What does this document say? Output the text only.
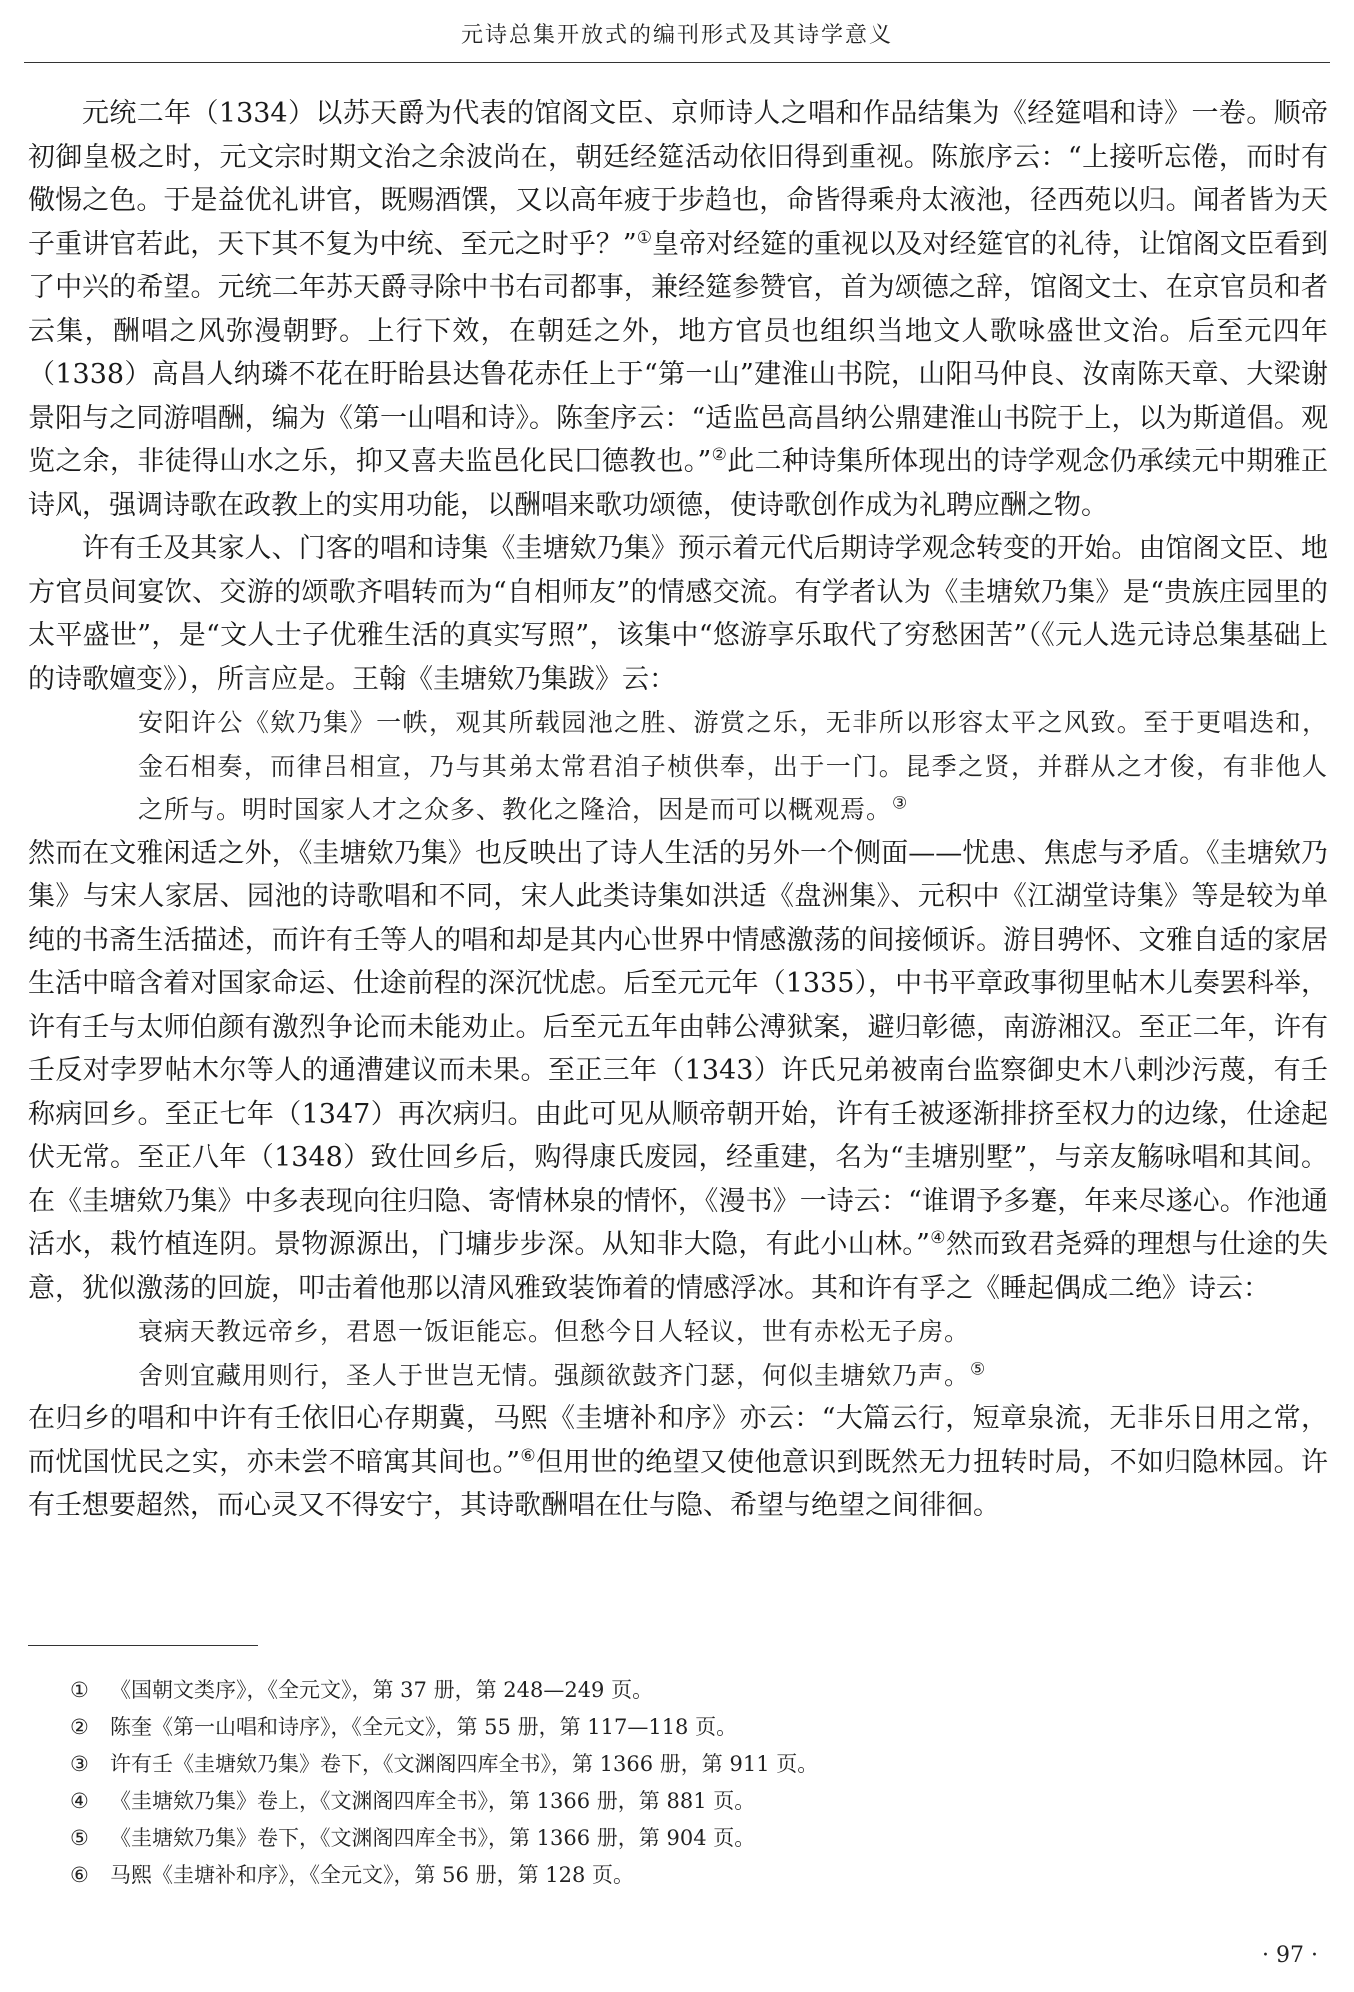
元诗总集开放式的编刊形式及其诗学意义

元统二年（1334）以苏天爵为代表的馆阁文臣、京师诗人之唱和作品结集为《经筵唱和诗》一卷。顺帝初御皇极之时，元文宗时期文治之余波尚在，朝廷经筵活动依旧得到重视。陈旅序云：“上接听忘倦，而时有儆惕之色。于是益优礼讲官，既赐酒馔，又以高年疲于步趋也，命皆得乘舟太液池，径西苑以归。闻者皆为天子重讲官若此，天下其不复为中统、至元之时乎？”①皇帝对经筵的重视以及对经筵官的礼待，让馆阁文臣看到了中兴的希望。元统二年苏天爵寻除中书右司都事，兼经筵参赞官，首为颂德之辞，馆阁文士、在京官员和者云集，酬唱之风弥漫朝野。上行下效，在朝廷之外，地方官员也组织当地文人歌咏盛世文治。后至元四年（1338）高昌人纳璘不花在盱眙县达鲁花赤任上于“第一山”建淮山书院，山阳马仲良、汝南陈天章、大梁谢景阳与之同游唱酬，编为《第一山唱和诗》。陈奎序云：“适监邑高昌纳公鼎建淮山书院于上，以为斯道倡。观览之余，非徒得山水之乐，抑又喜夫监邑化民囗德教也。”②此二种诗集所体现出的诗学观念仍承续元中期雅正诗风，强调诗歌在政教上的实用功能，以酬唱来歌功颂德，使诗歌创作成为礼聘应酬之物。

许有壬及其家人、门客的唱和诗集《圭塘欸乃集》预示着元代后期诗学观念转变的开始。由馆阁文臣、地方官员间宴饮、交游的颂歌齐唱转而为“自相师友”的情感交流。有学者认为《圭塘欸乃集》是“贵族庄园里的太平盛世”，是“文人士子优雅生活的真实写照”，该集中“悠游享乐取代了穷愁困苦”（《元人选元诗总集基础上的诗歌嬗变》），所言应是。王翰《圭塘欸乃集跋》云：

安阳许公《欸乃集》一帙，观其所载园池之胜、游赏之乐，无非所以形容太平之风致。至于更唱迭和，金石相奏，而律吕相宣，乃与其弟太常君洎子桢供奉，出于一门。昆季之贤，并群从之才俊，有非他人之所与。明时国家人才之众多、教化之隆洽，因是而可以概观焉。③

然而在文雅闲适之外，《圭塘欸乃集》也反映出了诗人生活的另外一个侧面——忧患、焦虑与矛盾。《圭塘欸乃集》与宋人家居、园池的诗歌唱和不同，宋人此类诗集如洪适《盘洲集》、元积中《江湖堂诗集》等是较为单纯的书斋生活描述，而许有壬等人的唱和却是其内心世界中情感激荡的间接倾诉。游目骋怀、文雅自适的家居生活中暗含着对国家命运、仕途前程的深沉忧虑。后至元元年（1335），中书平章政事彻里帖木儿奏罢科举，许有壬与太师伯颜有激烈争论而未能劝止。后至元五年由韩公溥狱案，避归彰德，南游湘汉。至正二年，许有壬反对孛罗帖木尔等人的通漕建议而未果。至正三年（1343）许氏兄弟被南台监察御史木八剌沙污蔑，有壬称病回乡。至正七年（1347）再次病归。由此可见从顺帝朝开始，许有壬被逐渐排挤至权力的边缘，仕途起伏无常。至正八年（1348）致仕回乡后，购得康氏废园，经重建，名为“圭塘别墅”，与亲友觞咏唱和其间。在《圭塘欸乃集》中多表现向往归隐、寄情林泉的情怀，《漫书》一诗云：“谁谓予多蹇，年来尽遂心。作池通活水，栽竹植连阴。景物源源出，门墉步步深。从知非大隐，有此小山林。”④然而致君尧舜的理想与仕途的失意，犹似激荡的回旋，叩击着他那以清风雅致装饰着的情感浮冰。其和许有孚之《睡起偶成二绝》诗云：

衰病天教远帝乡，君恩一饭讵能忘。但愁今日人轻议，世有赤松无子房。

舍则宜藏用则行，圣人于世岂无情。强颜欲鼓齐门瑟，何似圭塘欸乃声。⑤

在归乡的唱和中许有壬依旧心存期冀，马熙《圭塘补和序》亦云：“大篇云行，短章泉流，无非乐日用之常，而忧国忧民之实，亦未尝不暗寓其间也。”⑥但用世的绝望又使他意识到既然无力扭转时局，不如归隐林园。许有壬想要超然，而心灵又不得安宁，其诗歌酬唱在仕与隐、希望与绝望之间徘徊。

①	《国朝文类序》，《全元文》，第 37 册，第 248—249 页。
②	陈奎《第一山唱和诗序》，《全元文》，第 55 册，第 117—118 页。
③	许有壬《圭塘欸乃集》卷下，《文渊阁四库全书》，第 1366 册，第 911 页。
④	《圭塘欸乃集》卷上，《文渊阁四库全书》，第 1366 册，第 881 页。
⑤	《圭塘欸乃集》卷下，《文渊阁四库全书》，第 1366 册，第 904 页。
⑥	马熙《圭塘补和序》，《全元文》，第 56 册，第 128 页。
· 97 ·
